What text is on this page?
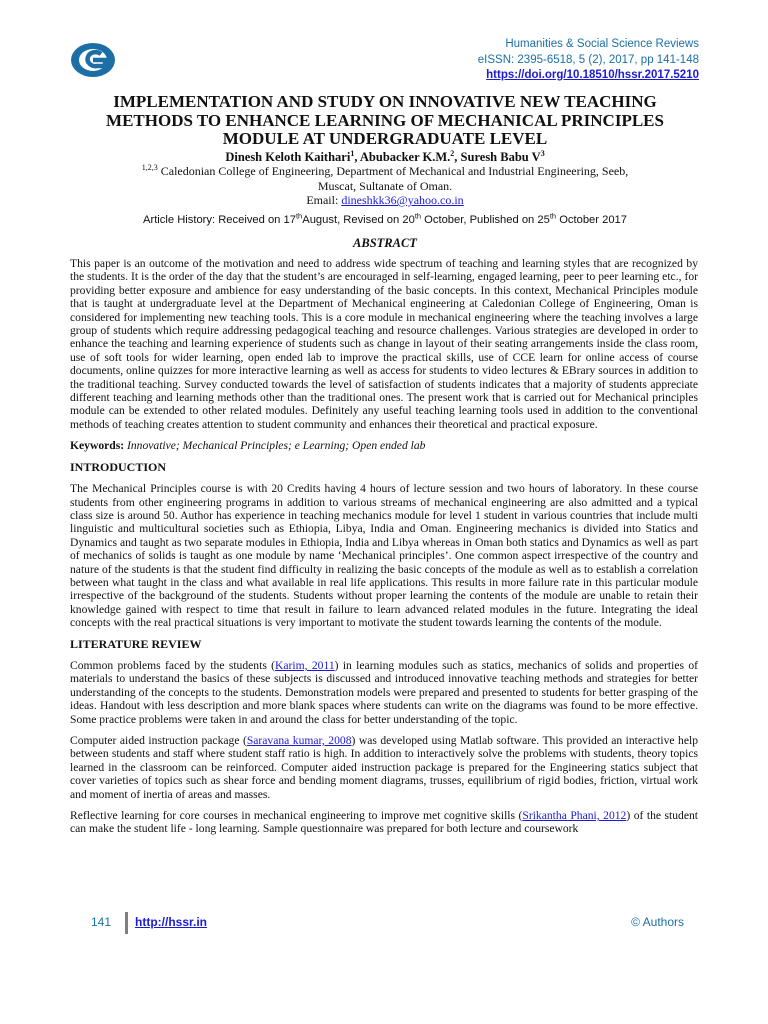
Humanities & Social Science Reviews
eISSN: 2395-6518, 5 (2), 2017, pp 141-148
https://doi.org/10.18510/hssr.2017.5210
IMPLEMENTATION AND STUDY ON INNOVATIVE NEW TEACHING
METHODS TO ENHANCE LEARNING OF MECHANICAL PRINCIPLES
MODULE AT UNDERGRADUATE LEVEL
Dinesh Keloth Kaithari$^1$, Abubacker K.M.$^2$, Suresh Babu $V^3$
$^{1,2,3}$ Caledonian College of Engineering, Department of Mechanical and Industrial Engineering, Seeb,
Muscat, Sultanate of Oman.
Email: dineshkk36@yahoo.co.in
Article History: Received on 17thAugust, Revised on 20th October, Published on 25th October 2017
ABSTRACT

This paper is an outcome of the motivation and need to address wide spectrum of teaching and learning styles that are recognized by the students. It is the order of the day that the student’s are encouraged in self-learning, engaged learning, peer to peer learning etc., for providing better exposure and ambience for easy understanding of the basic concepts. In this context, Mechanical Principles module that is taught at undergraduate level at the Department of Mechanical engineering at Caledonian College of Engineering, Oman is considered for implementing new teaching tools. This is a core module in mechanical engineering where the teaching involves a large group of students which require addressing pedagogical teaching and resource challenges. Various strategies are developed in order to enhance the teaching and learning experience of students such as change in layout of their seating arrangements inside the class room, use of soft tools for wider learning, open ended lab to improve the practical skills, use of CCE learn for online access of course documents, online quizzes for more interactive learning as well as access for students to video lectures & EBrary sources in addition to the traditional teaching. Survey conducted towards the level of satisfaction of students indicates that a majority of students appreciate different teaching and learning methods other than the traditional ones. The present work that is carried out for Mechanical principles module can be extended to other related modules. Definitely any useful teaching learning tools used in addition to the conventional methods of teaching creates attention to student community and enhances their theoretical and practical exposure.

Keywords: Innovative; Mechanical Principles; e Learning; Open ended lab

INTRODUCTION

The Mechanical Principles course is with 20 Credits having 4 hours of lecture session and two hours of laboratory. In these course students from other engineering programs in addition to various streams of mechanical engineering are also admitted and a typical class size is around 50. Author has experience in teaching mechanics module for level 1 student in various countries that include multi linguistic and multicultural societies such as Ethiopia, Libya, India and Oman. Engineering mechanics is divided into Statics and Dynamics and taught as two separate modules in Ethiopia, India and Libya whereas in Oman both statics and Dynamics as well as part of mechanics of solids is taught as one module by name ‘Mechanical principles’. One common aspect irrespective of the country and nature of the students is that the student find difficulty in realizing the basic concepts of the module as well as to establish a correlation between what taught in the class and what available in real life applications. This results in more failure rate in this particular module irrespective of the background of the students. Students without proper learning the contents of the module are unable to retain their knowledge gained with respect to time that result in failure to learn advanced related modules in the future. Integrating the ideal concepts with the real practical situations is very important to motivate the student towards learning the contents of the module.

LITERATURE REVIEW

Common problems faced by the students (Karim, 2011) in learning modules such as statics, mechanics of solids and properties of materials to understand the basics of these subjects is discussed and introduced innovative teaching methods and strategies for better understanding of the concepts to the students. Demonstration models were prepared and presented to students for better grasping of the ideas. Handout with less description and more blank spaces where students can write on the diagrams was found to be more effective. Some practice problems were taken in and around the class for better understanding of the topic.

Computer aided instruction package (Saravana kumar, 2008) was developed using Matlab software. This provided an interactive help between students and staff where student staff ratio is high. In addition to interactively solve the problems with students, theory topics learned in the classroom can be reinforced. Computer aided instruction package is prepared for the Engineering statics subject that cover varieties of topics such as shear force and bending moment diagrams, trusses, equilibrium of rigid bodies, friction, virtual work and moment of inertia of areas and masses.

Reflective learning for core courses in mechanical engineering to improve met cognitive skills (Srikantha Phani, 2012) of the student can make the student life - long learning. Sample questionnaire was prepared for both lecture and coursework

141 http://hssr.in	© Authors
